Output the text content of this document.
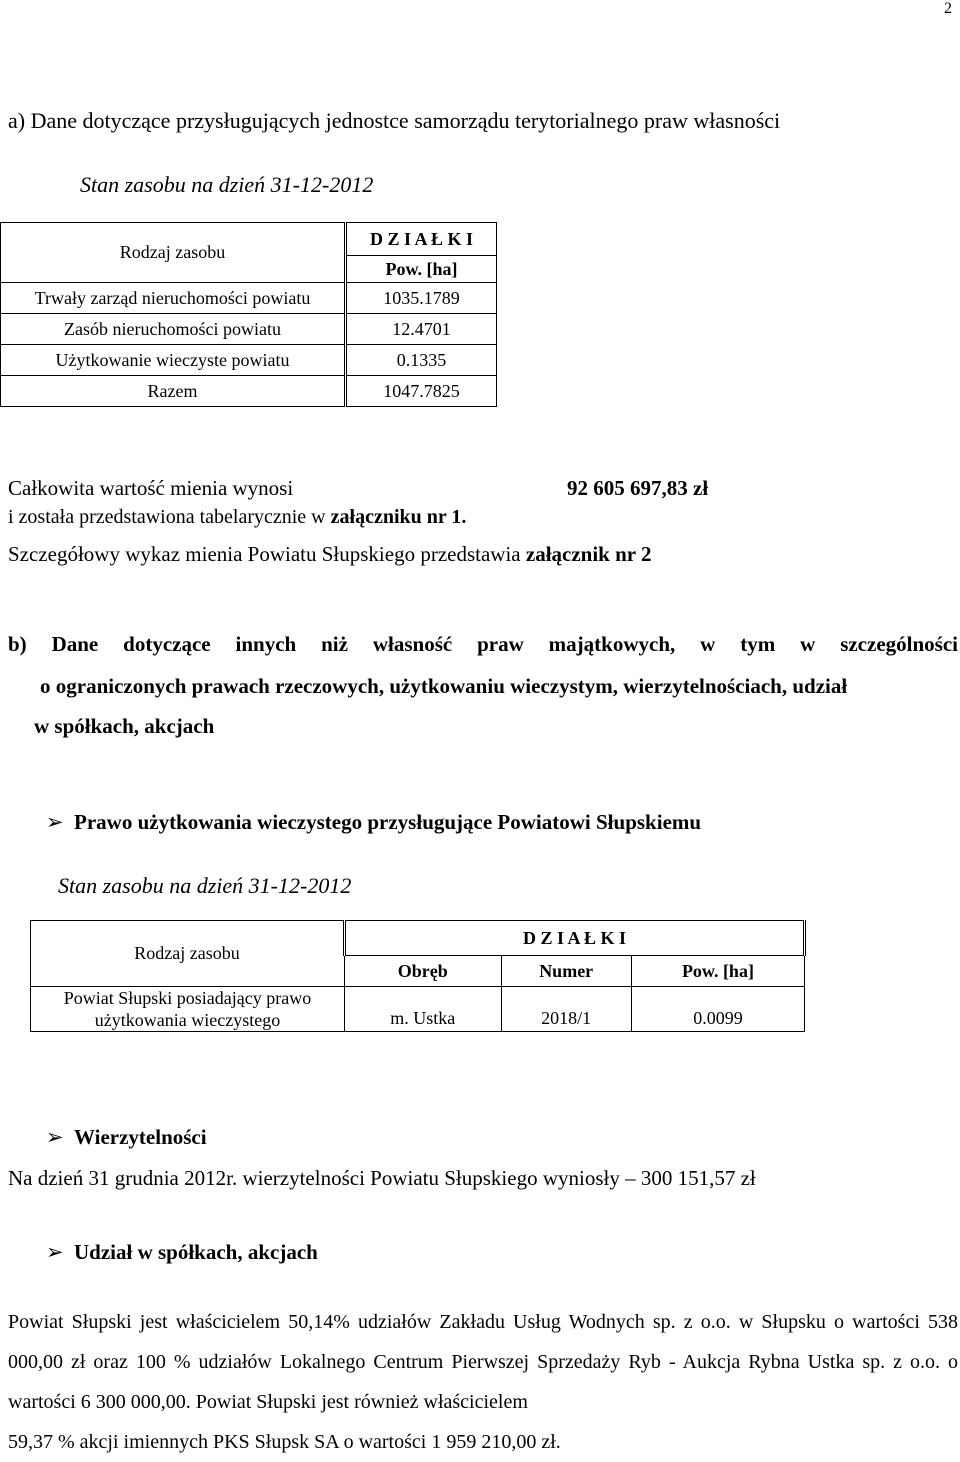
2
a) Dane dotyczące przysługujących jednostce samorządu terytorialnego praw własności
Stan zasobu na dzień 31-12-2012
Rodzaj zasobu	D Z I A Ł K I
	Pow. [ha]
Trwały zarząd nieruchomości powiatu	1035.1789
Zasób nieruchomości powiatu	12.4701
Użytkowanie wieczyste powiatu	0.1335
Razem	1047.7825
Całkowita wartość mienia wynosi	92 605 697,83 zł
i została przedstawiona tabelarycznie w załączniku nr 1.
Szczegółowy wykaz mienia Powiatu Słupskiego przedstawia załącznik nr 2
b) Dane dotyczące innych niż własność praw majątkowych, w tym w szczególności
o ograniczonych prawach rzeczowych, użytkowaniu wieczystym, wierzytelnościach, udział
w spółkach, akcjach
➢ Prawo użytkowania wieczystego przysługujące Powiatowi Słupskiemu
Stan zasobu na dzień 31-12-2012
Rodzaj zasobu	D Z I A Ł K I		
	Obręb	Numer	Pow. [ha]
Powiat Słupski posiadający prawo
użytkowania wieczystego	m. Ustka	2018/1	0.0099
➢ Wierzytelności
Na dzień 31 grudnia 2012r. wierzytelności Powiatu Słupskiego wyniosły – 300 151,57 zł
➢ Udział w spółkach, akcjach
Powiat Słupski jest właścicielem 50,14% udziałów Zakładu Usług Wodnych sp. z o.o. w Słupsku o wartości 538 000,00 zł oraz 100 % udziałów Lokalnego Centrum Pierwszej Sprzedaży Ryb - Aukcja Rybna Ustka sp. z o.o. o wartości 6 300 000,00. Powiat Słupski jest również właścicielem
59,37 % akcji imiennych PKS Słupsk SA o wartości 1 959 210,00 zł.
